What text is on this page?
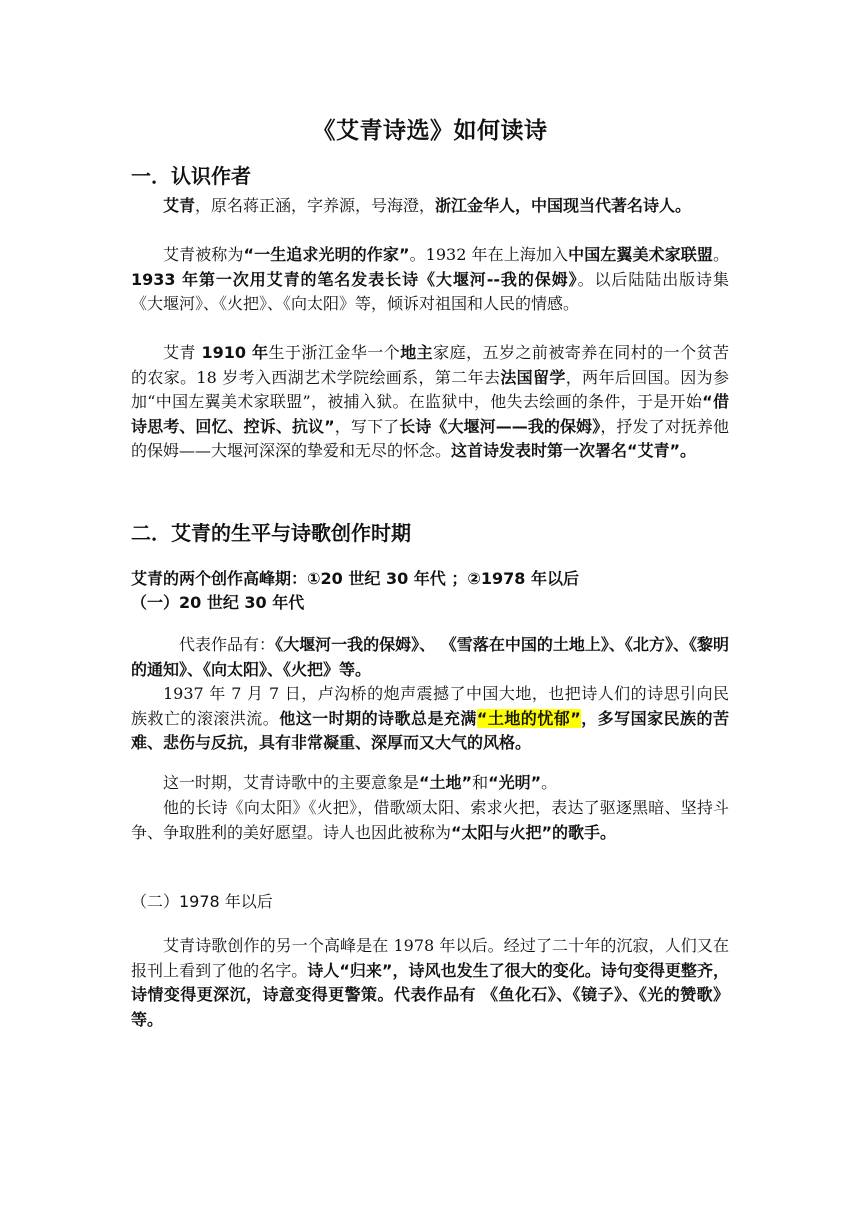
《艾青诗选》如何读诗
一．认识作者
艾青，原名蒋正涵，字养源，号海澄，浙江金华人，中国现当代著名诗人。
艾青被称为“一生追求光明的作家”。1932 年在上海加入中国左翼美术家联盟。1933 年第一次用艾青的笔名发表长诗《大堰河--我的保姆》。以后陆陆出版诗集《大堰河》、《火把》、《向太阳》等，倾诉对祖国和人民的情感。
艾青 1910 年生于浙江金华一个地主家庭，五岁之前被寄养在同村的一个贫苦的农家。18 岁考入西湖艺术学院绘画系，第二年去法国留学，两年后回国。因为参加“中国左翼美术家联盟”，被捕入狱。在监狱中，他失去绘画的条件，于是开始“借诗思考、回忆、控诉、抗议”，写下了长诗《大堰河——我的保姆》，抒发了对抚养他的保姆——大堰河深深的挚爱和无尽的怀念。这首诗发表时第一次署名“艾青”。
二．艾青的生平与诗歌创作时期
艾青的两个创作高峰期：①20 世纪 30 年代 ；②1978 年以后
（一）20 世纪 30 年代
代表作品有：《大堰河一我的保姆》、 《雪落在中国的土地上》、《北方》、《黎明的通知》、《向太阳》、《火把》等。
1937 年 7 月 7 日，卢沟桥的炮声震撼了中国大地，也把诗人们的诗思引向民族救亡的滚滚洪流。他这一时期的诗歌总是充满“土地的忧郁”，多写国家民族的苦难、悲伤与反抗，具有非常凝重、深厚而又大气的风格。
这一时期，艾青诗歌中的主要意象是“土地”和“光明”。
他的长诗《向太阳》《火把》，借歌颂太阳、索求火把，表达了驱逐黑暗、坚持斗争、争取胜利的美好愿望。诗人也因此被称为“太阳与火把”的歌手。
（二）1978 年以后
艾青诗歌创作的另一个高峰是在 1978 年以后。经过了二十年的沉寂，人们又在报刊上看到了他的名字。诗人“归来”，诗风也发生了很大的变化。诗句变得更整齐，诗情变得更深沉，诗意变得更警策。代表作品有 《鱼化石》、《镜子》、《光的赞歌》等。
